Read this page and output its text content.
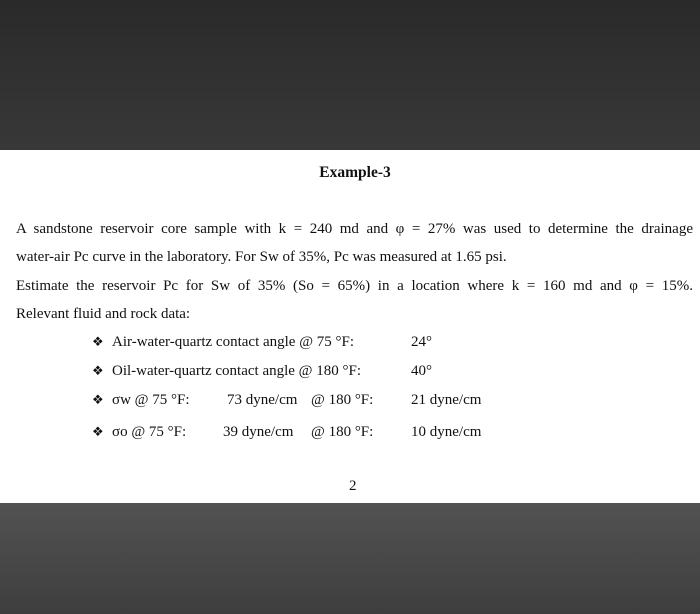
Example-3
A sandstone reservoir core sample with k = 240 md and φ = 27% was used to determine the drainage
water-air Pc curve in the laboratory. For Sw of 35%, Pc was measured at 1.65 psi.
Estimate the reservoir Pc for Sw of 35% (So = 65%) in a location where k = 160 md and φ = 15%.
Relevant fluid and rock data:
❖ Air-water-quartz contact angle @ 75 °F:	24°
❖ Oil-water-quartz contact angle @ 180 °F:	40°
❖ σw @ 75 °F:	73 dyne/cm @ 180 °F:	21 dyne/cm
❖ σo @ 75 °F: 39 dyne/cm @ 180 °F:	10 dyne/cm
2
